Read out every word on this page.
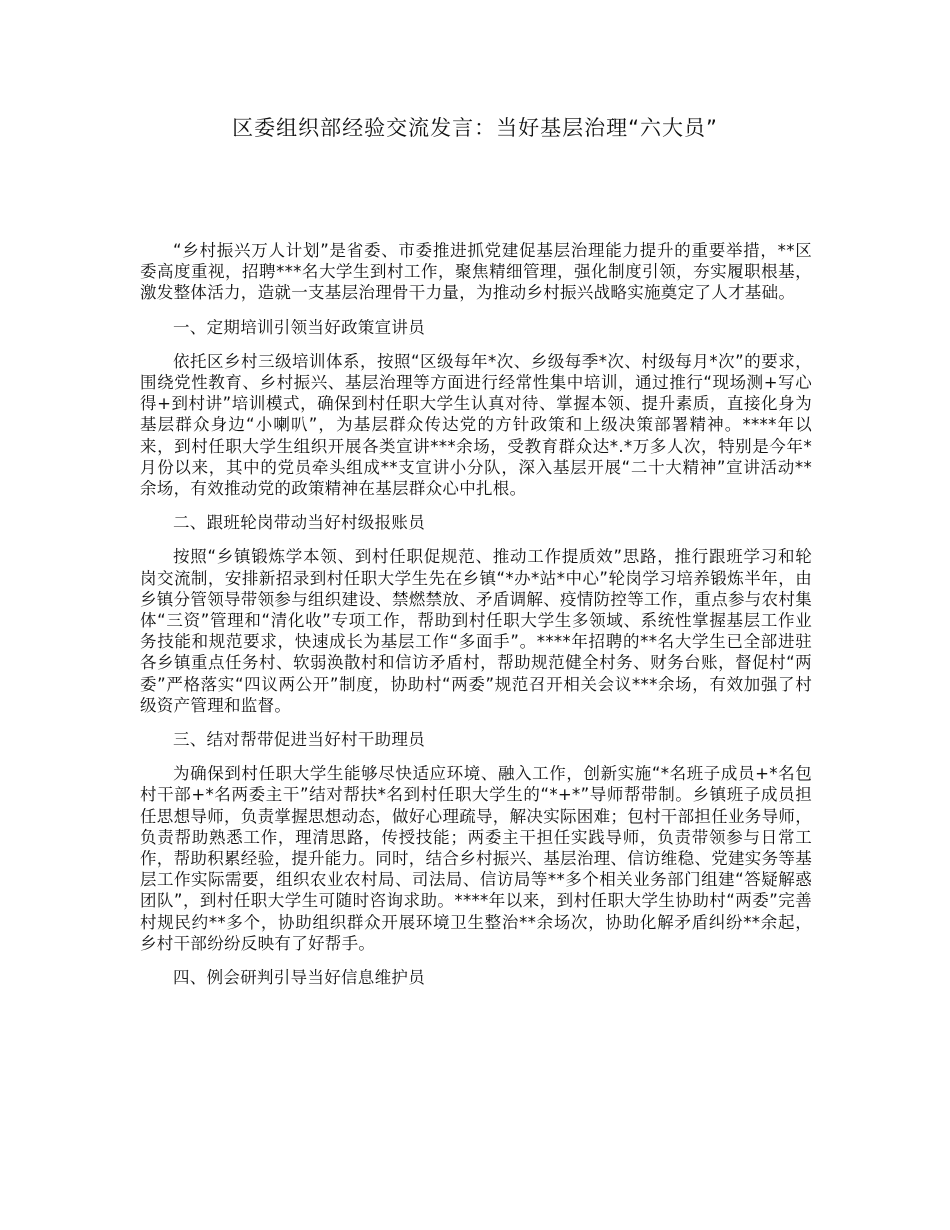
区委组织部经验交流发言：当好基层治理“六大员”

“乡村振兴万人计划”是省委、市委推进抓党建促基层治理能力提升的重要举措，**区委高度重视，招聘***名大学生到村工作，聚焦精细管理，强化制度引领，夯实履职根基，激发整体活力，造就一支基层治理骨干力量，为推动乡村振兴战略实施奠定了人才基础。

一、定期培训引领当好政策宣讲员

依托区乡村三级培训体系，按照“区级每年*次、乡级每季*次、村级每月*次”的要求，围绕党性教育、乡村振兴、基层治理等方面进行经常性集中培训，通过推行“现场测+写心得+到村讲”培训模式，确保到村任职大学生认真对待、掌握本领、提升素质，直接化身为基层群众身边“小喇叭”，为基层群众传达党的方针政策和上级决策部署精神。****年以来，到村任职大学生组织开展各类宣讲***余场，受教育群众达*.*万多人次，特别是今年*月份以来，其中的党员牵头组成**支宣讲小分队，深入基层开展“二十大精神”宣讲活动**余场，有效推动党的政策精神在基层群众心中扎根。

二、跟班轮岗带动当好村级报账员

按照“乡镇锻炼学本领、到村任职促规范、推动工作提质效”思路，推行跟班学习和轮岗交流制，安排新招录到村任职大学生先在乡镇“*办*站*中心”轮岗学习培养锻炼半年，由乡镇分管领导带领参与组织建设、禁燃禁放、矛盾调解、疫情防控等工作，重点参与农村集体“三资”管理和“清化收”专项工作，帮助到村任职大学生多领域、系统性掌握基层工作业务技能和规范要求，快速成长为基层工作“多面手”。****年招聘的**名大学生已全部进驻各乡镇重点任务村、软弱涣散村和信访矛盾村，帮助规范健全村务、财务台账，督促村“两委”严格落实“四议两公开”制度，协助村“两委”规范召开相关会议***余场，有效加强了村级资产管理和监督。

三、结对帮带促进当好村干助理员

为确保到村任职大学生能够尽快适应环境、融入工作，创新实施“*名班子成员+*名包村干部+*名两委主干”结对帮扶*名到村任职大学生的“*+*”导师帮带制。乡镇班子成员担任思想导师，负责掌握思想动态，做好心理疏导，解决实际困难；包村干部担任业务导师，负责帮助熟悉工作，理清思路，传授技能；两委主干担任实践导师，负责带领参与日常工作，帮助积累经验，提升能力。同时，结合乡村振兴、基层治理、信访维稳、党建实务等基层工作实际需要，组织农业农村局、司法局、信访局等**多个相关业务部门组建“答疑解惑团队”，到村任职大学生可随时咨询求助。****年以来，到村任职大学生协助村“两委”完善村规民约**多个，协助组织群众开展环境卫生整治**余场次，协助化解矛盾纠纷**余起，乡村干部纷纷反映有了好帮手。

四、例会研判引导当好信息维护员
